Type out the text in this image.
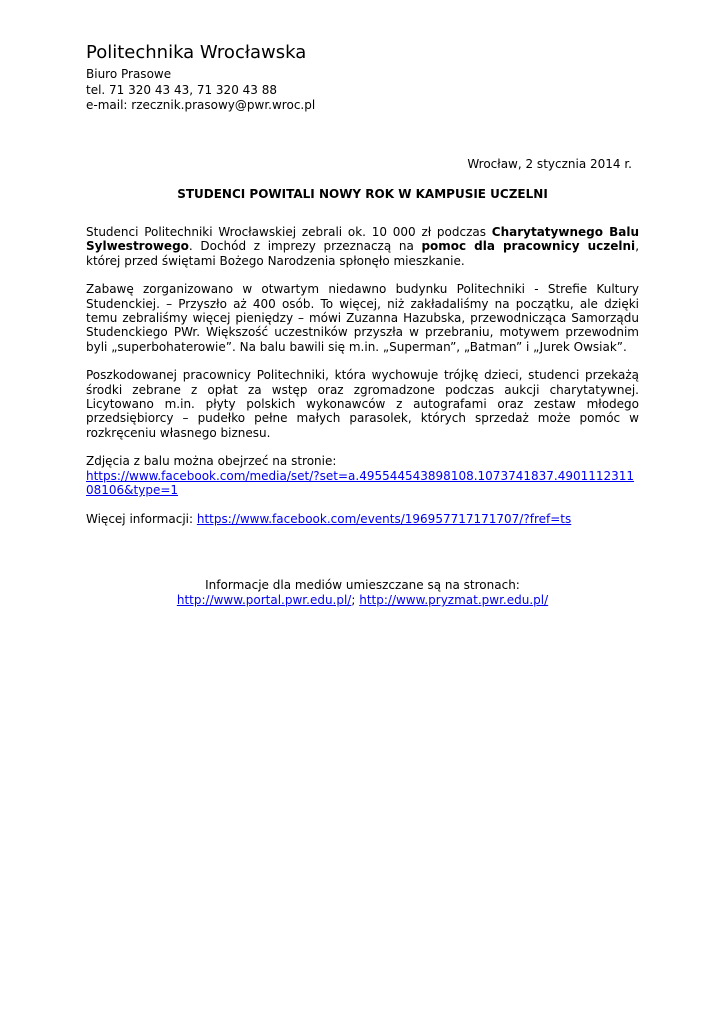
Politechnika Wrocławska
Biuro Prasowe
tel. 71 320 43 43, 71 320 43 88
e-mail: rzecznik.prasowy@pwr.wroc.pl
Wrocław, 2 stycznia 2014 r.
STUDENCI POWITALI NOWY ROK W KAMPUSIE UCZELNI

Studenci Politechniki Wrocławskiej zebrali ok. 10 000 zł podczas Charytatywnego Balu Sylwestrowego. Dochód z imprezy przeznaczą na pomoc dla pracownicy uczelni, której przed świętami Bożego Narodzenia spłonęło mieszkanie.

Zabawę zorganizowano w otwartym niedawno budynku Politechniki - Strefie Kultury Studenckiej. – Przyszło aż 400 osób. To więcej, niż zakładaliśmy na początku, ale dzięki temu zebraliśmy więcej pieniędzy – mówi Zuzanna Hazubska, przewodnicząca Samorządu Studenckiego PWr. Większość uczestników przyszła w przebraniu, motywem przewodnim byli „superbohaterowie”. Na balu bawili się m.in. „Superman”, „Batman” i „Jurek Owsiak”.

Poszkodowanej pracownicy Politechniki, która wychowuje trójkę dzieci, studenci przekażą środki zebrane z opłat za wstęp oraz zgromadzone podczas aukcji charytatywnej. Licytowano m.in. płyty polskich wykonawców z autografami oraz zestaw młodego przedsiębiorcy – pudełko pełne małych parasolek, których sprzedaż może pomóc w rozkręceniu własnego biznesu.

Zdjęcia z balu można obejrzeć na stronie:
https://www.facebook.com/media/set/?set=a.495544543898108.1073741837.490111231108106&type=1

Więcej informacji: https://www.facebook.com/events/196957717171707/?fref=ts

Informacje dla mediów umieszczane są na stronach:

http://www.portal.pwr.edu.pl/; http://www.pryzmat.pwr.edu.pl/
